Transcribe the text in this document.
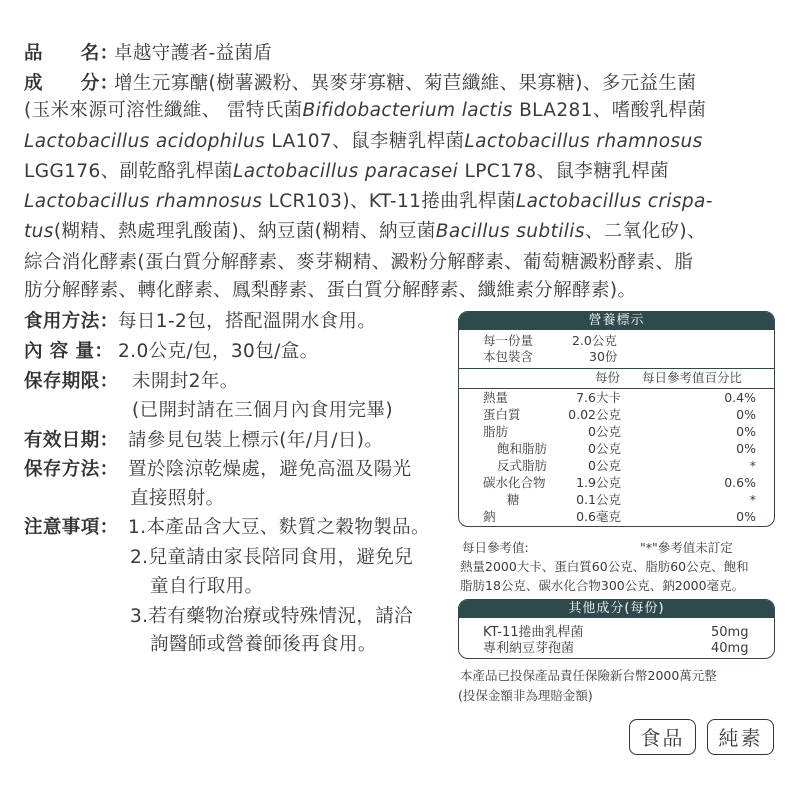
品　　名：卓越守護者-益菌盾
成　　分：增生元寡醣(樹薯澱粉、異麥芽寡糖、菊苣纖維、果寡糖)、多元益生菌
(玉米來源可溶性纖維、 雷特氏菌Bifidobacterium lactis BLA281、嗜酸乳桿菌
Lactobacillus acidophilus LA107、鼠李糖乳桿菌Lactobacillus rhamnosus
LGG176、副乾酪乳桿菌Lactobacillus paracasei LPC178、鼠李糖乳桿菌
Lactobacillus rhamnosus LCR103)、KT-11捲曲乳桿菌Lactobacillus crispa-
tus(糊精、熱處理乳酸菌)、納豆菌(糊精、納豆菌Bacillus subtilis、二氧化矽)、
綜合消化酵素(蛋白質分解酵素、麥芽糊精、澱粉分解酵素、葡萄糖澱粉酵素、脂
肪分解酵素、轉化酵素、鳳梨酵素、蛋白質分解酵素、纖維素分解酵素)。
食用方法：每日1-2包，搭配溫開水食用。
內 容 量： 2.0公克/包，30包/盒。
保存期限： 未開封2年。
(已開封請在三個月內食用完畢)
有效日期： 請參見包裝上標示(年/月/日)。
保存方法： 置於陰涼乾燥處，避免高溫及陽光
直接照射。
注意事項： 1.本產品含大豆、麩質之穀物製品。
2.兒童請由家長陪同食用，避免兒
童自行取用。
3.若有藥物治療或特殊情況，請洽
詢醫師或營養師後再食用。
營養標示
每一份量	2.0公克
本包裝含	30份
每份 每日參考值百分比
熱量	7.6大卡	0.4%
蛋白質	0.02公克	0%
脂肪	0公克	0%
飽和脂肪	0公克	0%
反式脂肪	0公克	*
碳水化合物 1.9公克	0.6%
糖	0.1公克	*
鈉	0.6毫克	0%
每日參考值:	"*"參考值未訂定
熱量2000大卡、蛋白質60公克、脂肪60公克、飽和
脂肪18公克、碳水化合物300公克、鈉2000毫克。
其他成分(每份)
KT-11捲曲乳桿菌	50mg
專利納豆芽孢菌	40mg
本產品已投保產品責任保險新台幣2000萬元整
(投保金額非為理賠金額)
食品	純素
